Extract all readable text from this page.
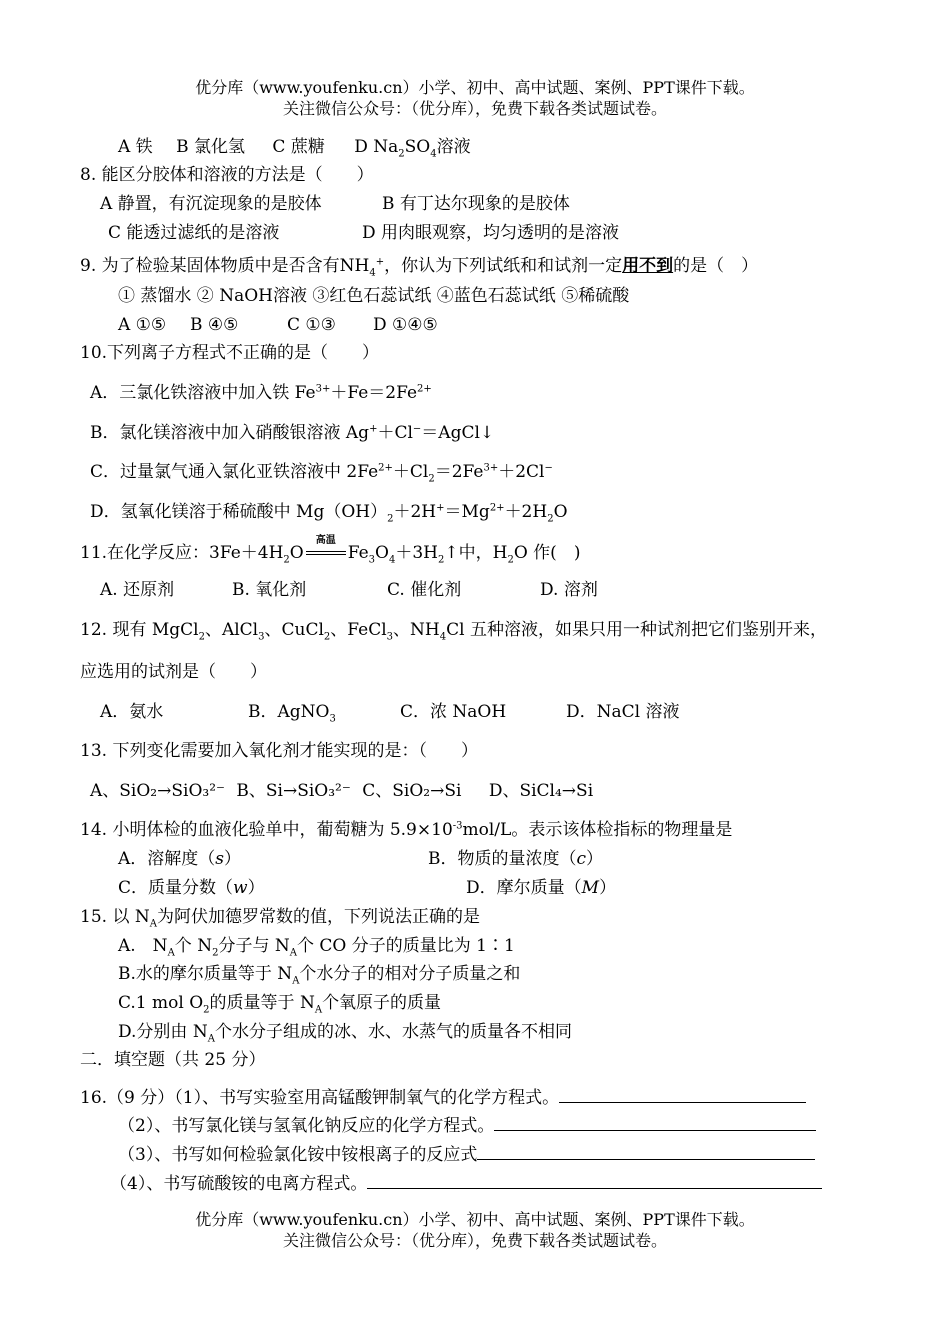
优分库（www.youfenku.cn）小学、初中、高中试题、案例、PPT课件下载。
关注微信公众号：（优分库），免费下载各类试题试卷。
A 铁 B 氯化氢 C 蔗糖 D $Na_2SO_4$溶液
8. 能区分胶体和溶液的方法是（　　）
A 静置，有沉淀现象的是胶体	B 有丁达尔现象的是胶体
C 能透过滤纸的是溶液	D 用肉眼观察，均匀透明的是溶液
9. 为了检验某固体物质中是否含有$NH_4^+$，你认为下列试纸和和试剂一定用不到的是（　）
① 蒸馏水 ② NaOH溶液 ③红色石蕊试纸 ④蓝色石蕊试纸 ⑤稀硫酸
A ①⑤ B ④⑤	C ①③ D ①④⑤
10.下列离子方程式不正确的是（　　）
A．三氯化铁溶液中加入铁 $Fe^{3+}+Fe=2Fe^{2+}$
B．氯化镁溶液中加入硝酸银溶液 Ag+＋Cl−＝AgCl↓
C．过量氯气通入氯化亚铁溶液中 $2Fe^{2+}+Cl_2=2Fe^{3+}+2Cl^-$
D．氢氧化镁溶于稀硫酸中 $Mg(OH)_2+2H^+=Mg^{2+}+2H_2O$
11.在化学反应：$3Fe+4H_2O$
高温
$Fe_3O_4+3H_2↑$中，$H_2O$ 作(　)
A. 还原剂	B. 氧化剂	C. 催化剂	D. 溶剂
12. 现有 MgCl$_2$、AlCl$_3$、CuCl$_2$、FeCl$_3$、$NH_4Cl$ 五种溶液，如果只用一种试剂把它们鉴别开来，
应选用的试剂是（　　）
A．氨水	B．AgNO$_3$	C．浓 NaOH	D．NaCl 溶液
13. 下列变化需要加入氧化剂才能实现的是：（　　）
A、SiO₂→SiO₃²⁻ B、Si→SiO₃²⁻ C、SiO₂→Si D、SiCl₄→Si
14. 小明体检的血液化验单中，葡萄糖为 $5.9\times 10^{-3}mol/L$。表示该体检指标的物理量是
A．溶解度（s）	B．物质的量浓度（c）
C．质量分数（w）	D．摩尔质量（M）
15. 以 $N_A$为阿伏加德罗常数的值，下列说法正确的是
A.　$N_A$个 $N_2$分子与 $N_A$个 CO 分子的质量比为 1∶1
B.水的摩尔质量等于 $N_A$个水分子的相对分子质量之和
C.1 mol $O_2$的质量等于 $N_A$个氧原子的质量
D.分别由 $N_A$个水分子组成的冰、水、水蒸气的质量各不相同
二．填空题（共 25 分）
16.（9 分）（1）、书写实验室用高锰酸钾制氧气的化学方程式。
（2）、书写氯化镁与氢氧化钠反应的化学方程式。
（3）、书写如何检验氯化铵中铵根离子的反应式
（4）、书写硫酸铵的电离方程式。
优分库（www.youfenku.cn）小学、初中、高中试题、案例、PPT课件下载。
关注微信公众号：（优分库），免费下载各类试题试卷。
